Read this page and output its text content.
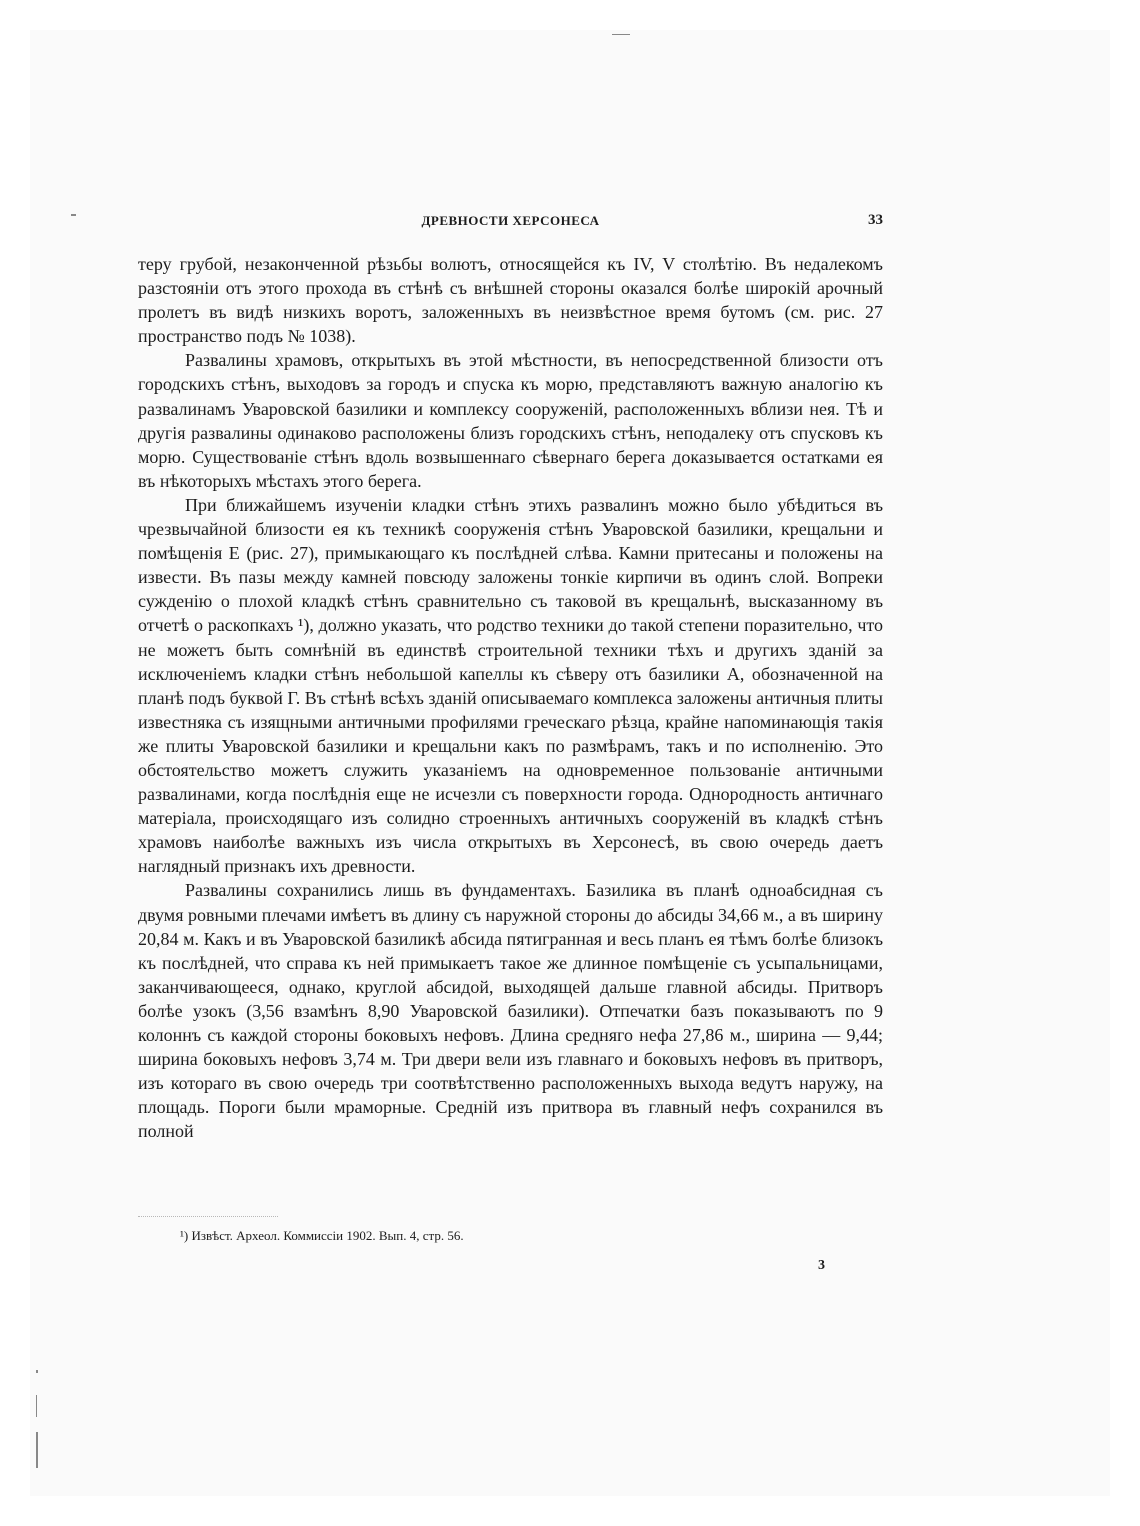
ДРЕВНОСТИ ХЕРСОНЕСА	33

теру грубой, незаконченной рѣзьбы волютъ, относящейся къ IV, V столѣтію. Въ недалекомъ разстояніи отъ этого прохода въ стѣнѣ съ внѣшней стороны оказался болѣе широкій арочный пролетъ въ видѣ низкихъ воротъ, заложенныхъ въ неизвѣстное время бутомъ (см. рис. 27 пространство подъ № 1038).

Развалины храмовъ, открытыхъ въ этой мѣстности, въ непосредственной близости отъ городскихъ стѣнъ, выходовъ за городъ и спуска къ морю, представляютъ важную аналогію къ развалинамъ Уваровской базилики и комплексу сооруженій, расположенныхъ вблизи нея. Тѣ и другія развалины одинаково расположены близъ городскихъ стѣнъ, неподалеку отъ спусковъ къ морю. Существованіе стѣнъ вдоль возвышеннаго сѣвернаго берега доказывается остатками ея въ нѣкоторыхъ мѣстахъ этого берега.

При ближайшемъ изученіи кладки стѣнъ этихъ развалинъ можно было убѣдиться въ чрезвычайной близости ея къ техникѣ сооруженія стѣнъ Уваровской базилики, крещальни и помѣщенія E (рис. 27), примыкающаго къ послѣдней слѣва. Камни притесаны и положены на извести. Въ пазы между камней повсюду заложены тонкіе кирпичи въ одинъ слой. Вопреки сужденію о плохой кладкѣ стѣнъ сравнительно съ таковой въ крещальнѣ, высказанному въ отчетѣ о раскопкахъ ¹), должно указать, что родство техники до такой степени поразительно, что не можетъ быть сомнѣній въ единствѣ строительной техники тѣхъ и другихъ зданій за исключеніемъ кладки стѣнъ небольшой капеллы къ сѣверу отъ базилики A, обозначенной на планѣ подъ буквой Г. Въ стѣнѣ всѣхъ зданій описываемаго комплекса заложены античныя плиты известняка съ изящными античными профилями греческаго рѣзца, крайне напоминающія такія же плиты Уваровской базилики и крещальни какъ по размѣрамъ, такъ и по исполненію. Это обстоятельство можетъ служить указаніемъ на одновременное пользованіе античными развалинами, когда послѣднія еще не исчезли съ поверхности города. Однородность античнаго матеріала, происходящаго изъ солидно строенныхъ античныхъ сооруженій въ кладкѣ стѣнъ храмовъ наиболѣе важныхъ изъ числа открытыхъ въ Херсонесѣ, въ свою очередь даетъ наглядный признакъ ихъ древности.

Развалины сохранились лишь въ фундаментахъ. Базилика въ планѣ одноабсидная съ двумя ровными плечами имѣетъ въ длину съ наружной стороны до абсиды 34,66 м., а въ ширину 20,84 м. Какъ и въ Уваровской базиликѣ абсида пятигранная и весь планъ ея тѣмъ болѣе близокъ къ послѣдней, что справа къ ней примыкаетъ такое же длинное помѣщеніе съ усыпальницами, заканчивающееся, однако, круглой абсидой, выходящей дальше главной абсиды. Притворъ болѣе узокъ (3,56 взамѣнъ 8,90 Уваровской базилики). Отпечатки базъ показываютъ по 9 колоннъ съ каждой стороны боковыхъ нефовъ. Длина средняго нефа 27,86 м., ширина — 9,44; ширина боковыхъ нефовъ 3,74 м. Три двери вели изъ главнаго и боковыхъ нефовъ въ притворъ, изъ котораго въ свою очередь три соотвѣтственно расположенныхъ выхода ведутъ наружу, на площадь. Пороги были мраморные. Средній изъ притвора въ главный нефъ сохранился въ полной

¹) Извѣст. Археол. Коммиссіи 1902. Вып. 4, стр. 56.
3
